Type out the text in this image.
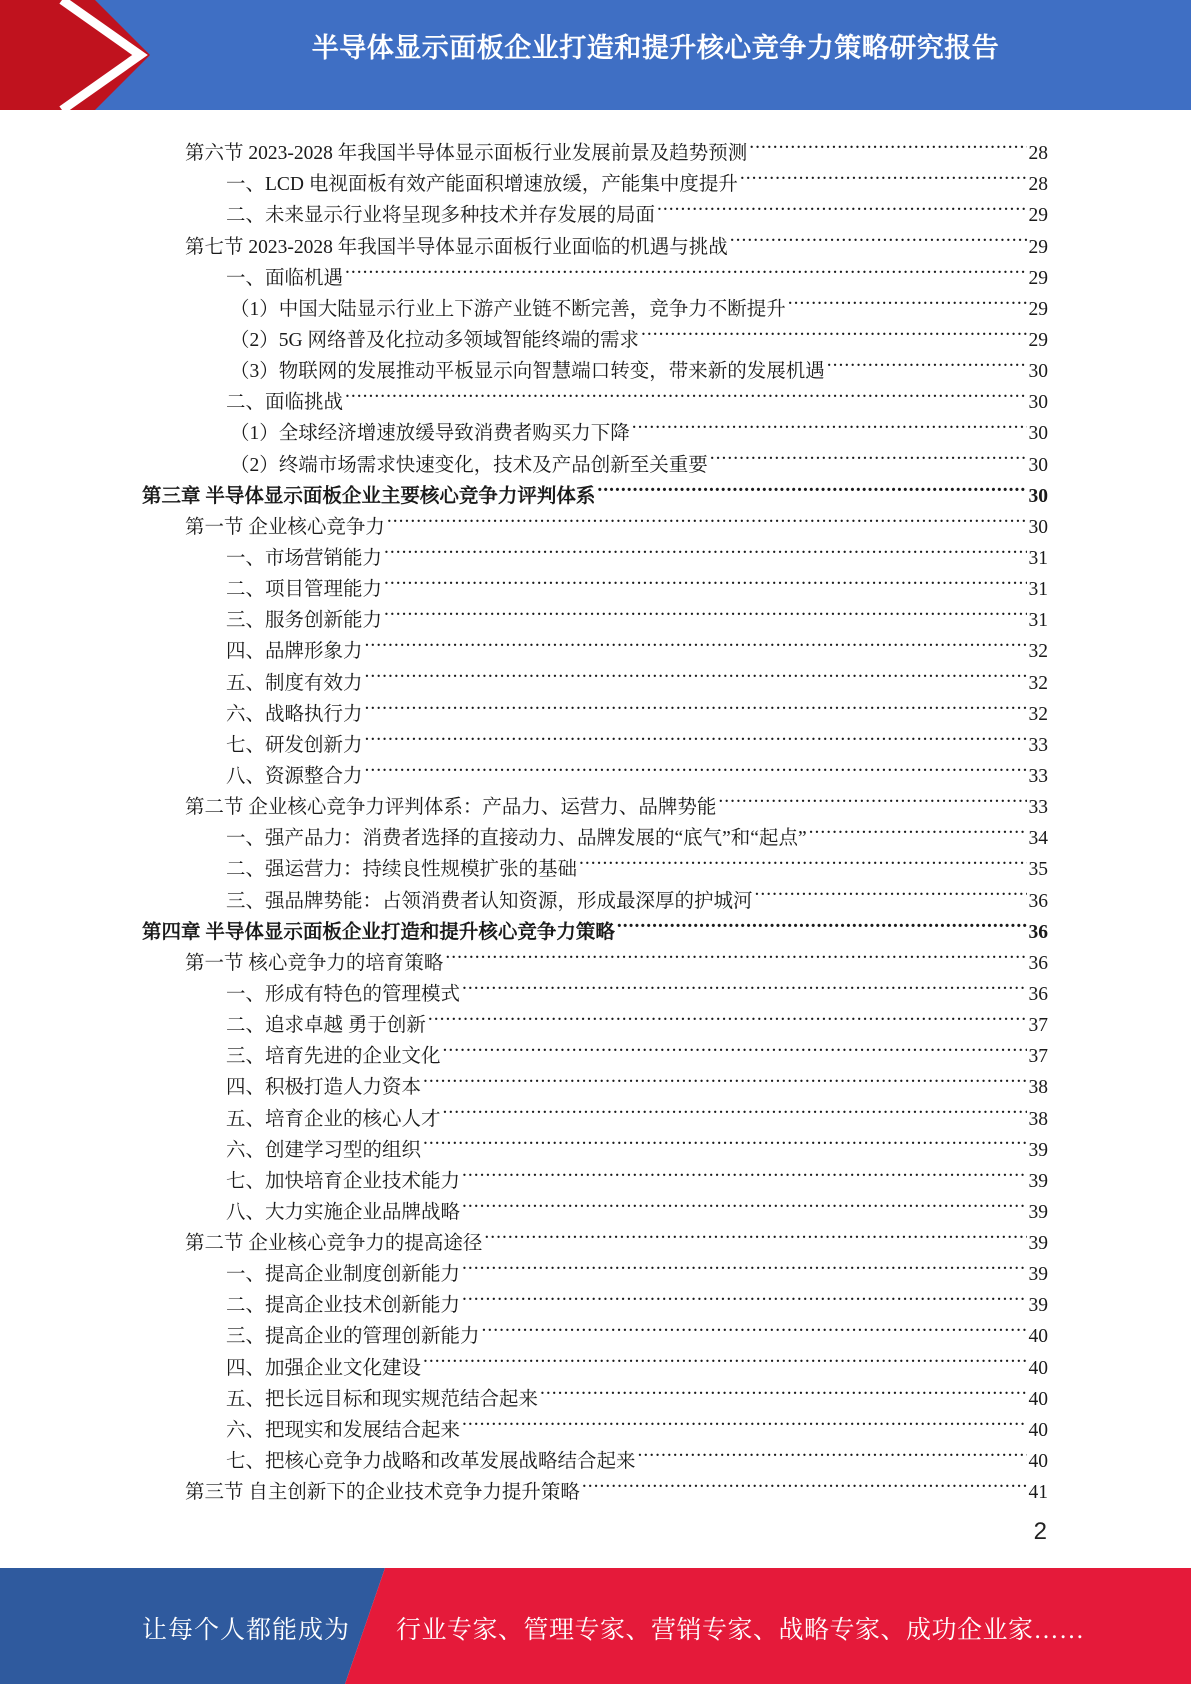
半导体显示面板企业打造和提升核心竞争力策略研究报告
第六节 2023-2028 年我国半导体显示面板行业发展前景及趋势预测 .....	28
一、LCD 电视面板有效产能面积增速放缓，产能集中度提升 .....	28
二、未来显示行业将呈现多种技术并存发展的局面 .....	29
第七节 2023-2028 年我国半导体显示面板行业面临的机遇与挑战 .....	29
一、面临机遇 .....	29
（1）中国大陆显示行业上下游产业链不断完善，竞争力不断提升 .....	29
（2）5G 网络普及化拉动多领域智能终端的需求 .....	29
（3）物联网的发展推动平板显示向智慧端口转变，带来新的发展机遇 .....	30
二、面临挑战 .....	30
（1）全球经济增速放缓导致消费者购买力下降 .....	30
（2）终端市场需求快速变化，技术及产品创新至关重要 .....	30
第三章 半导体显示面板企业主要核心竞争力评判体系 .....	30
第一节 企业核心竞争力 .....	30
一、市场营销能力 .....	31
二、项目管理能力 .....	31
三、服务创新能力 .....	31
四、品牌形象力 .....	32
五、制度有效力 .....	32
六、战略执行力 .....	32
七、研发创新力 .....	33
八、资源整合力 .....	33
第二节 企业核心竞争力评判体系：产品力、运营力、品牌势能 .....	33
一、强产品力：消费者选择的直接动力、品牌发展的“底气”和“起点” .....	34
二、强运营力：持续良性规模扩张的基础 .....	35
三、强品牌势能：占领消费者认知资源，形成最深厚的护城河 .....	36
第四章 半导体显示面板企业打造和提升核心竞争力策略 .....	36
第一节 核心竞争力的培育策略 .....	36
一、形成有特色的管理模式 .....	36
二、追求卓越 勇于创新 .....	37
三、培育先进的企业文化 .....	37
四、积极打造人力资本 .....	38
五、培育企业的核心人才 .....	38
六、创建学习型的组织 .....	39
七、加快培育企业技术能力 .....	39
八、大力实施企业品牌战略 .....	39
第二节 企业核心竞争力的提高途径 .....	39
一、提高企业制度创新能力 .....	39
二、提高企业技术创新能力 .....	39
三、提高企业的管理创新能力 .....	40
四、加强企业文化建设 .....	40
五、把长远目标和现实规范结合起来 .....	40
六、把现实和发展结合起来 .....	40
七、把核心竞争力战略和改革发展战略结合起来 .....	40
第三节 自主创新下的企业技术竞争力提升策略 .....	41
2
让每个人都能成为 行业专家、管理专家、营销专家、战略专家、成功企业家……
